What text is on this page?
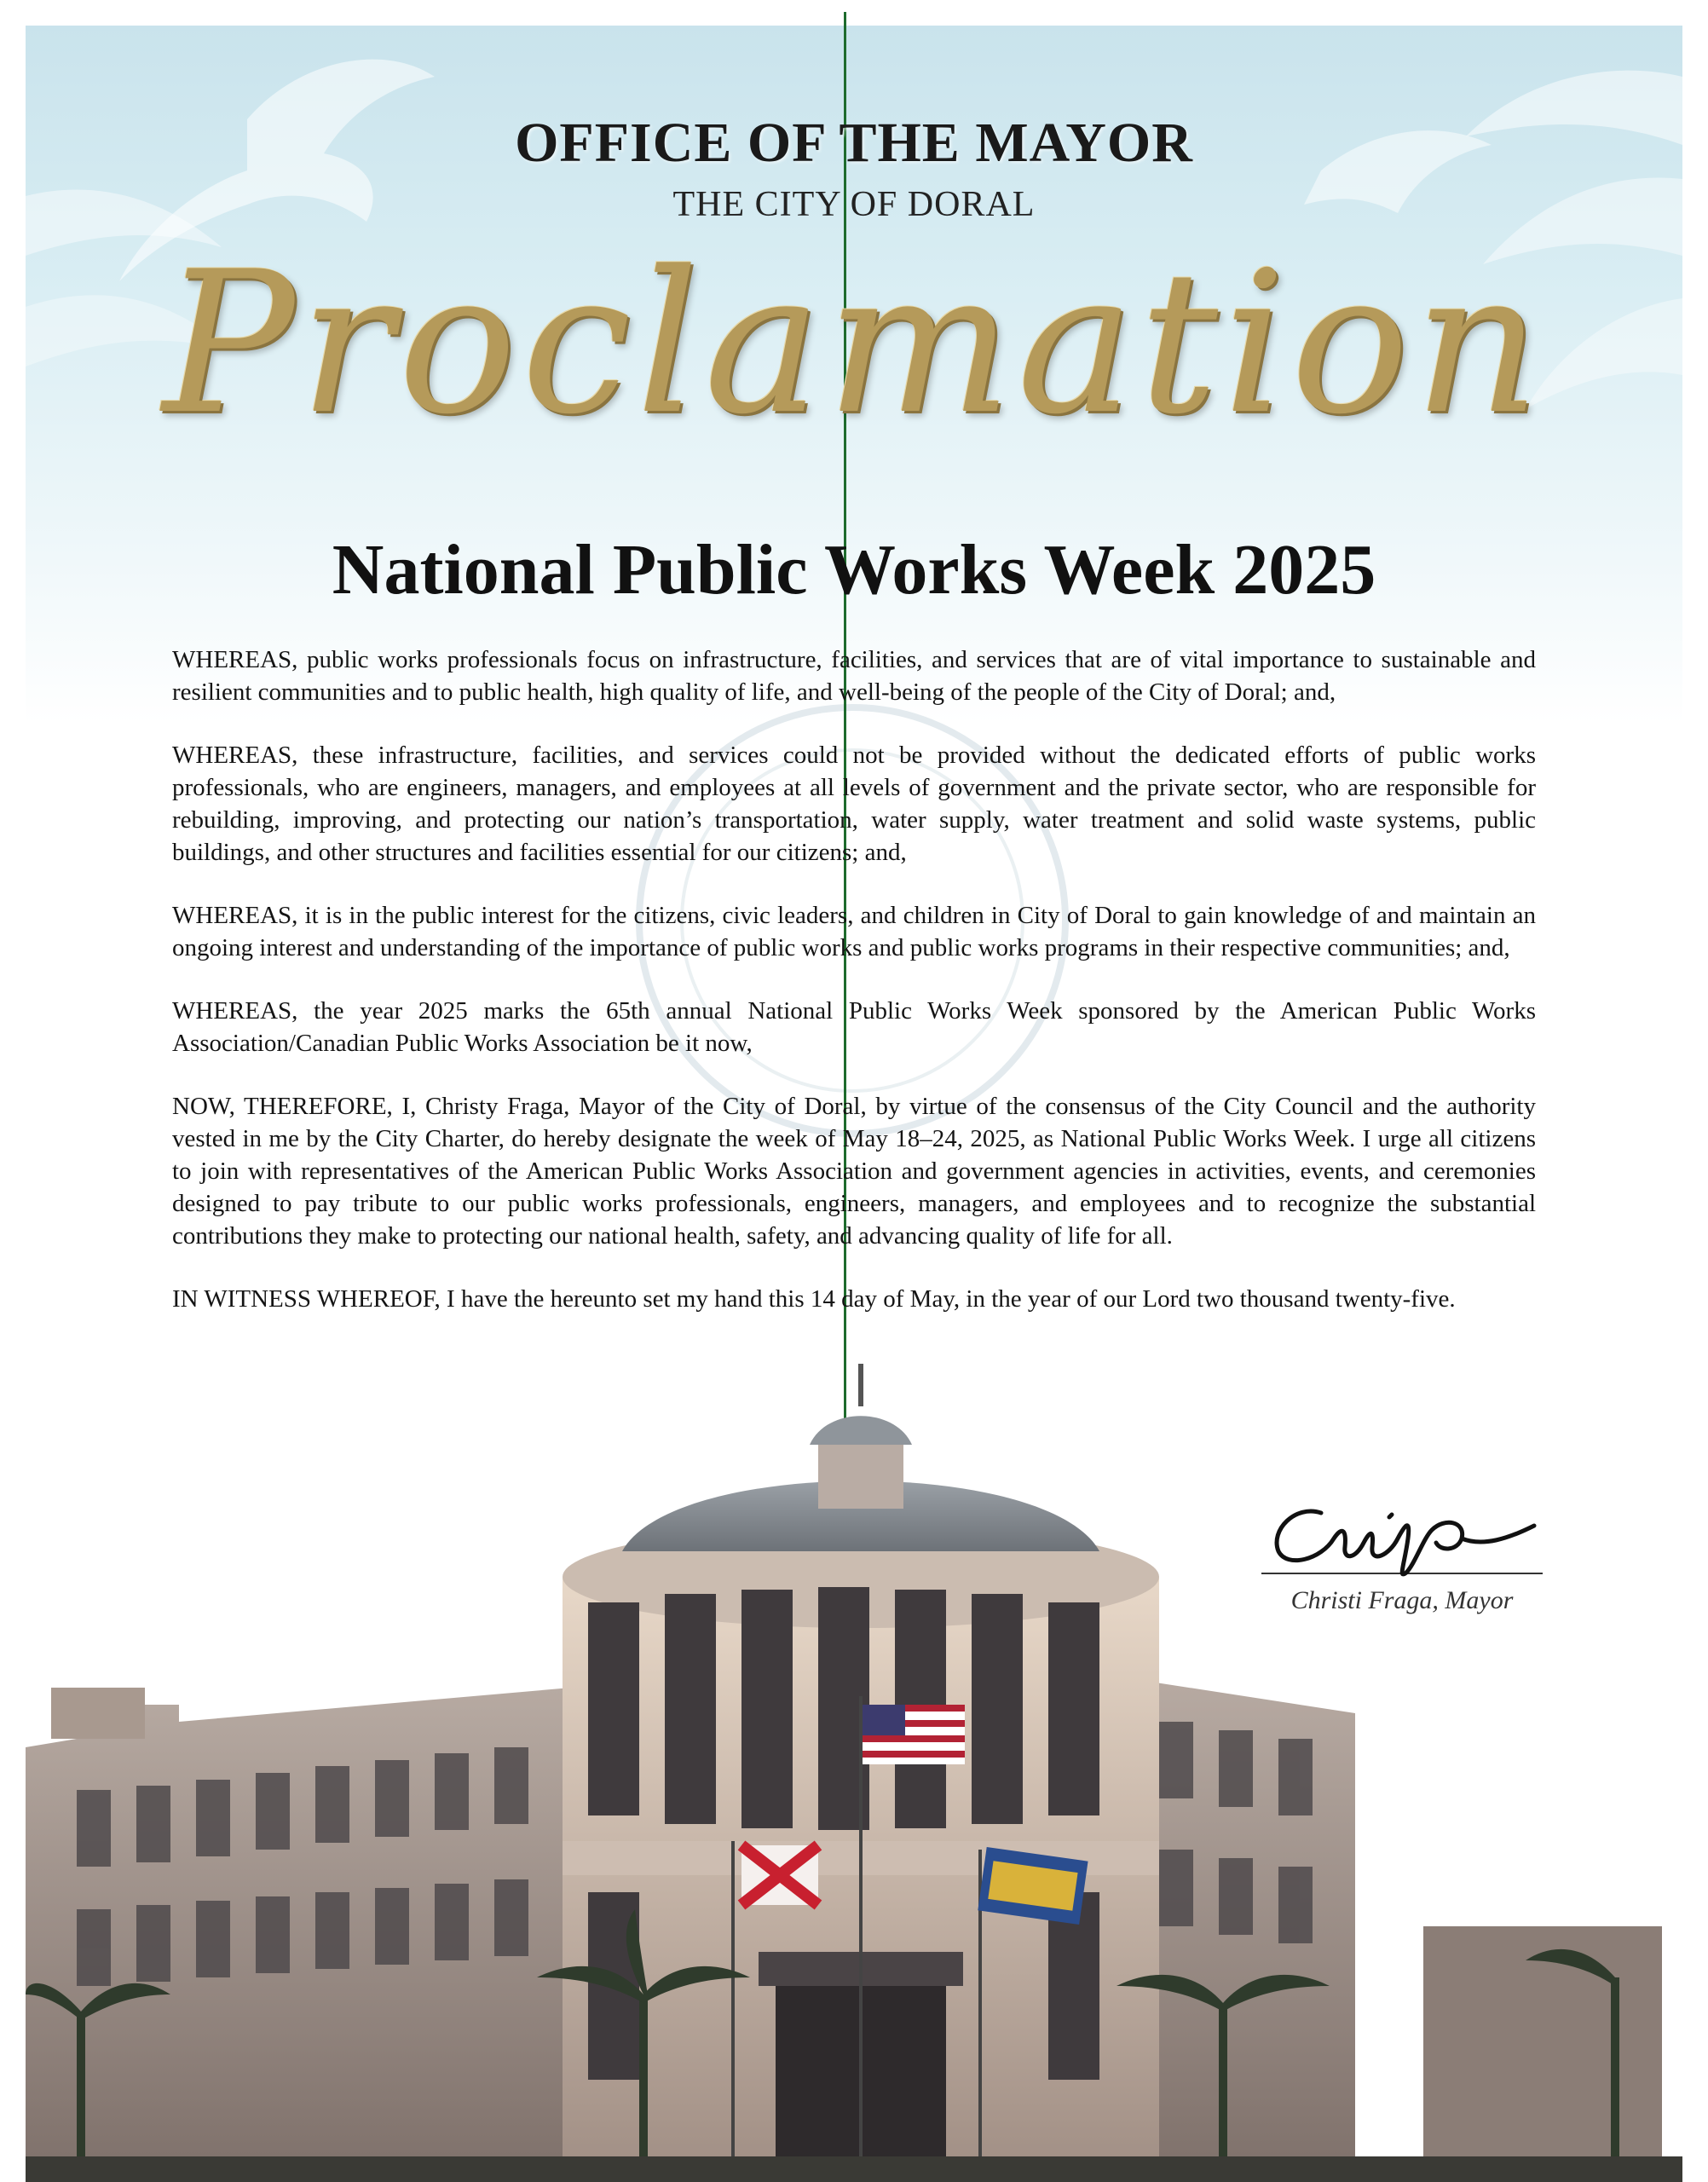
OFFICE OF THE MAYOR
THE CITY OF DORAL
Proclamation
National Public Works Week 2025

WHEREAS, public works professionals focus on infrastructure, facilities, and services that are of vital importance to sustainable and resilient communities and to public health, high quality of life, and well-being of the people of the City of Doral; and,

WHEREAS, these infrastructure, facilities, and services could not be provided without the dedicated efforts of public works professionals, who are engineers, managers, and employees at all levels of government and the private sector, who are responsible for rebuilding, improving, and protecting our nation’s transportation, water supply, water treatment and solid waste systems, public buildings, and other structures and facilities essential for our citizens; and,

WHEREAS, it is in the public interest for the citizens, civic leaders, and children in City of Doral to gain knowledge of and maintain an ongoing interest and understanding of the importance of public works and public works programs in their respective communities; and,

WHEREAS, the year 2025 marks the 65th annual National Public Works Week sponsored by the American Public Works Association/Canadian Public Works Association be it now,

NOW, THEREFORE, I, Christy Fraga, Mayor of the City of Doral, by virtue of the consensus of the City Council and the authority vested in me by the City Charter, do hereby designate the week of May 18–24, 2025, as National Public Works Week. I urge all citizens to join with representatives of the American Public Works Association and government agencies in activities, events, and ceremonies designed to pay tribute to our public works professionals, engineers, managers, and employees and to recognize the substantial contributions they make to protecting our national health, safety, and advancing quality of life for all.

IN WITNESS WHEREOF, I have the hereunto set my hand this 14 day of May, in the year of our Lord two thousand twenty-five.

Christi Fraga, Mayor
